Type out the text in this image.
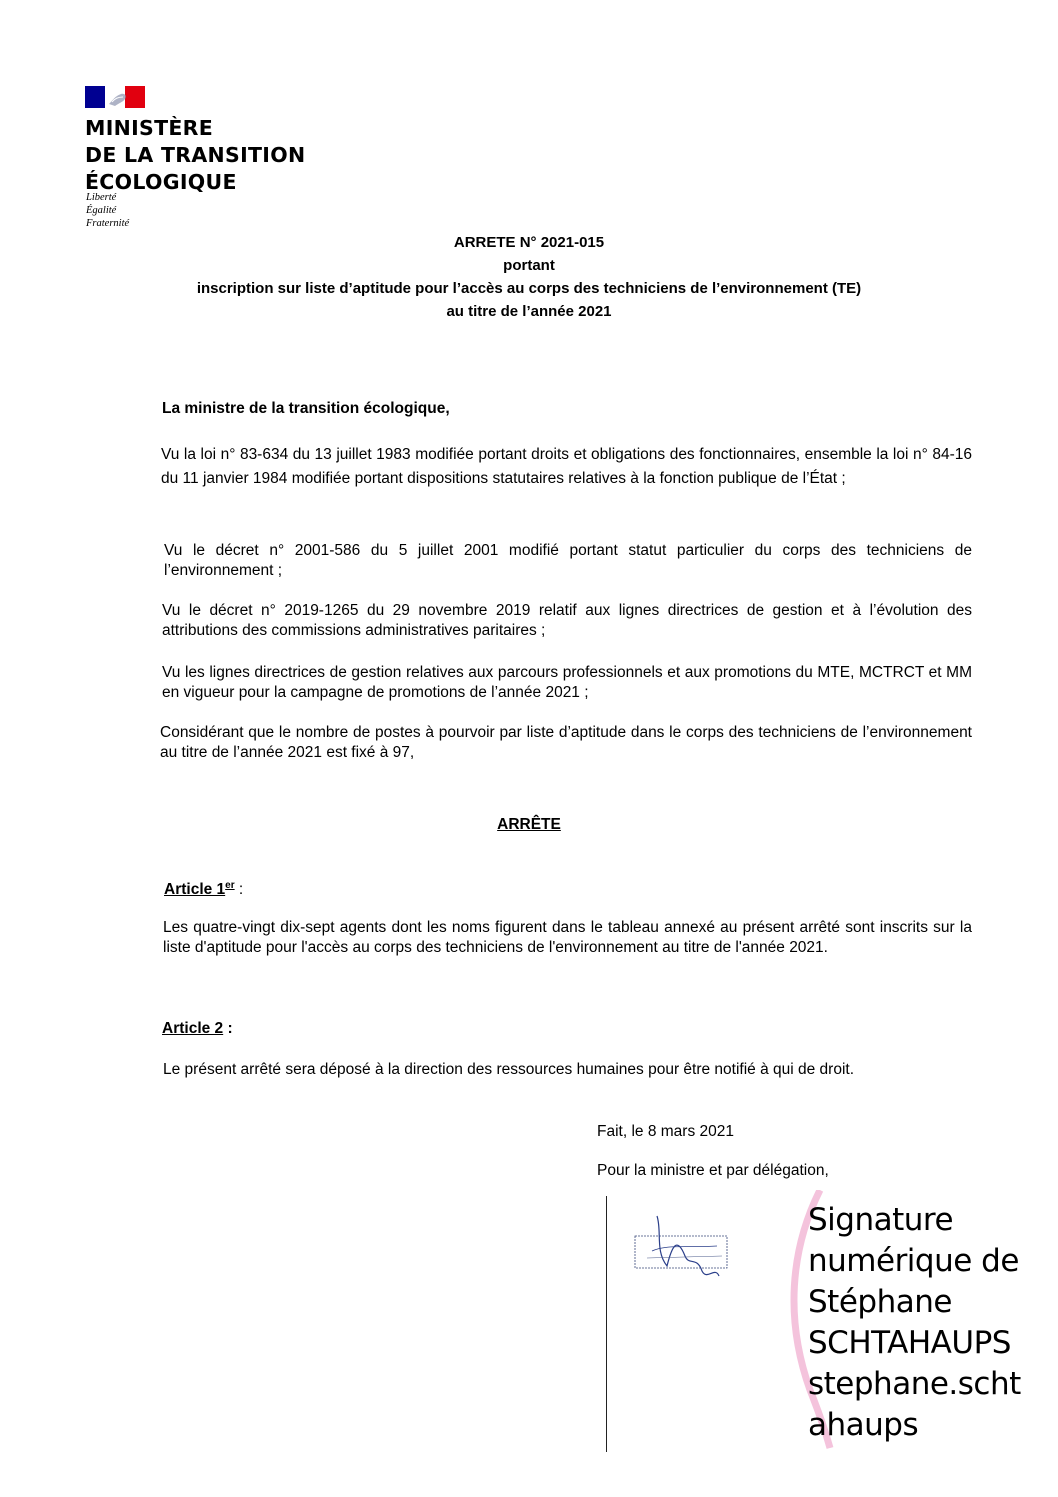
MINISTÈRE
DE LA TRANSITION
ÉCOLOGIQUE
Liberté
Égalité
Fraternité
ARRETE N° 2021-015
portant
inscription sur liste d’aptitude pour l’accès au corps des techniciens de l’environnement (TE)
au titre de l’année 2021
La ministre de la transition écologique,
Vu la loi n° 83-634 du 13 juillet 1983 modifiée portant droits et obligations des fonctionnaires, ensemble la loi n° 84-16 du 11 janvier 1984 modifiée portant dispositions statutaires relatives à la fonction publique de l’État ;
Vu le décret n° 2001-586 du 5 juillet 2001 modifié portant statut particulier du corps des techniciens de l’environnement ;
Vu le décret n° 2019-1265 du 29 novembre 2019 relatif aux lignes directrices de gestion et à l’évolution des attributions des commissions administratives paritaires ;
Vu les lignes directrices de gestion relatives aux parcours professionnels et aux promotions du MTE, MCTRCT et MM en vigueur pour la campagne de promotions de l’année 2021 ;
Considérant que le nombre de postes à pourvoir par liste d’aptitude dans le corps des techniciens de l’environnement au titre de l’année 2021 est fixé à 97,
ARRÊTE
Article 1er :
Les quatre-vingt dix-sept agents dont les noms figurent dans le tableau annexé au présent arrêté sont inscrits sur la liste d'aptitude pour l'accès au corps des techniciens de l'environnement au titre de l'année 2021.
Article 2 :
Le présent arrêté sera déposé à la direction des ressources humaines pour être notifié à qui de droit.
Fait, le 8 mars 2021
Pour la ministre et par délégation,
Signature
numérique de
Stéphane
SCHTAHAUPS
stephane.scht
ahaups
